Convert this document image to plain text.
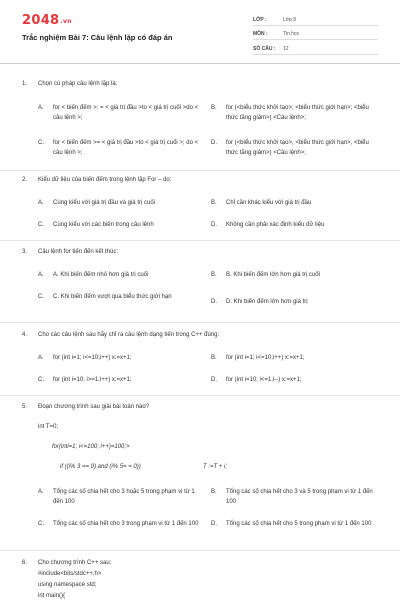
2048.vn
Trắc nghiệm Bài 7: Câu lệnh lặp có đáp án
LỚP :	Lớp 8
MÔN :	Tin học
SỐ CÂU : 12
1. Chọn cú pháp câu lệnh lặp là:
A. for < biến đếm >: = < giá trị đầu >to < giá trị cuối >do < câu lệnh >;
B. for (<biểu thức khởi tạo>; <biểu thức giới hạn>; <biểu thức tăng giảm>) <Câu lệnh>;
C. for < biến đếm >= < giá trị đầu >to < giá trị cuối >; do < câu lệnh >;
D. for (<biểu thức khởi tạo>, <biểu thức giới hạn>, <biểu thức tăng giảm>) <Câu lệnh>;
2. Kiểu dữ liệu của biến đếm trong lệnh lặp For – do:
A. Cùng kiểu với giá trị đầu và giá trị cuối	B. Chỉ cần khác kiểu với giá trị đầu
C. Cùng kiểu với các biến trong câu lệnh	D. Không cần phải xác định kiểu dữ liệu
3. Câu lệnh for tiến đến kết thúc:
A. A. Khi biến đếm nhỏ hơn giá trị cuối	B. B. Khi biến đếm lớn hơn giá trị cuối
C. C. Khi biến đếm vượt qua biểu thức giới hạn
D. D. Khi biến đếm lớn hơn giá trị
4. Cho các câu lệnh sau hãy chỉ ra câu lệnh dạng tiến trong C++ đúng:
A. for (int i=1; i<=10;i++) x:=x+1;	B. for (int i=1; i<=10;i++) x:=x+1;
C. for (int i=10; i>=1;i++) x:=x+1;	D. for (int i=10; i<=1;i--) x:=x+1;
5. Đoạn chương trình sau giải bài toán nào?
int T=0;
for(inti=1; i<=100; i++)=100;>
if ((i% 3 == 0) and (i% 5= = 0))	T :=T + i;
A. Tổng các số chia hết cho 3 hoặc 5 trong phạm vi từ 1 đến 100
B. Tổng các số chia hết cho 3 và 5 trong phạm vi từ 1 đến 100
C. Tổng các số chia hết cho 3 trong phạm vi từ 1 đến 100	D. Tổng các số chia hết cho 5 trong phạm vi từ 1 đến 100
6. Cho chương trình C++ sau:
#include<bits/stdc++.h>
using namespace std;
int main(){
